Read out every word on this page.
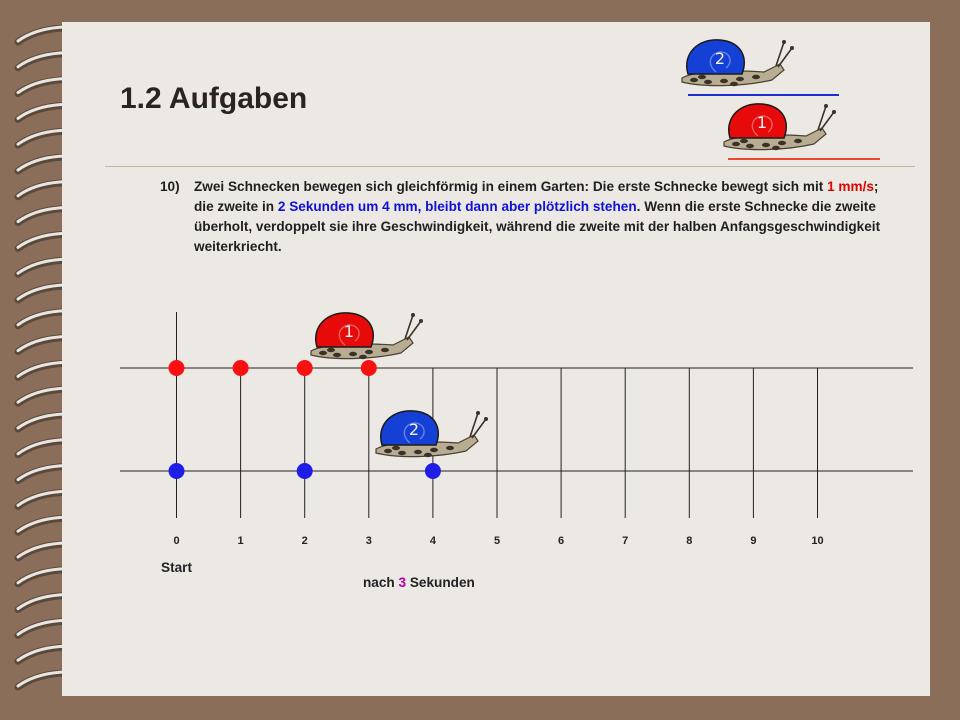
1.2 Aufgaben
2
1
10) Zwei Schnecken bewegen sich gleichförmig in einem Garten: Die erste Schnecke bewegt sich mit 1 mm/s; die zweite in 2 Sekunden um 4 mm, bleibt dann aber plötzlich stehen. Wenn die erste Schnecke die zweite überholt, verdoppelt sie ihre Geschwindigkeit, während die zweite mit der halben Anfangsgeschwindigkeit weiterkriecht.
1
2
0	1	2	3	4	5	6	7	8	9	10
Start
nach 3 Sekunden
